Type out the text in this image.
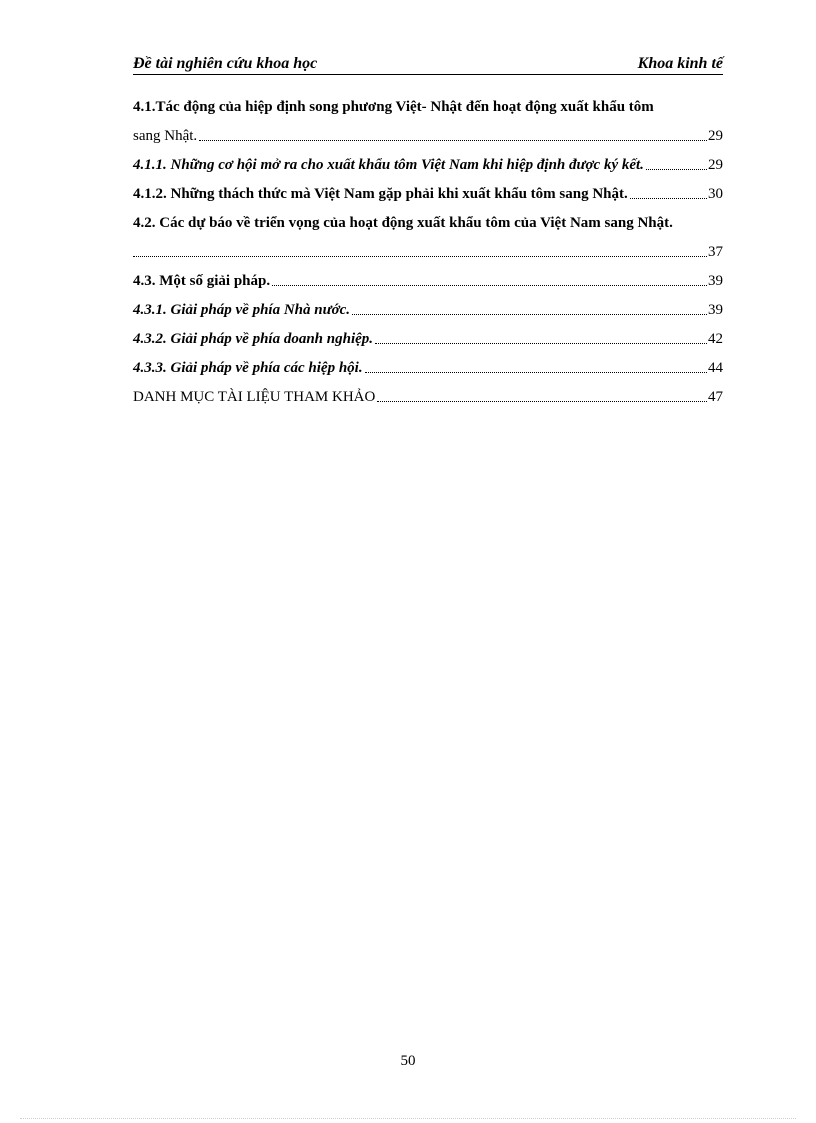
Đề tài nghiên cứu khoa học	Khoa kinh tế
4.1.Tác động của hiệp định song phương Việt- Nhật đến hoạt động xuất khẩu tôm
sang Nhật.	29
4.1.1. Những cơ hội mở ra cho xuất khẩu tôm Việt Nam khi hiệp định được ký kết.	29
4.1.2. Những thách thức mà Việt Nam gặp phải khi xuất khẩu tôm sang Nhật.	30
4.2. Các dự báo về triển vọng của hoạt động xuất khẩu tôm của Việt Nam sang Nhật.
37
4.3. Một số giải pháp.	39
4.3.1. Giải pháp về phía Nhà nước.	39
4.3.2. Giải pháp về phía doanh nghiệp.	42
4.3.3. Giải pháp về phía các hiệp hội.	44
DANH MỤC TÀI LIỆU THAM KHẢO	47
50
